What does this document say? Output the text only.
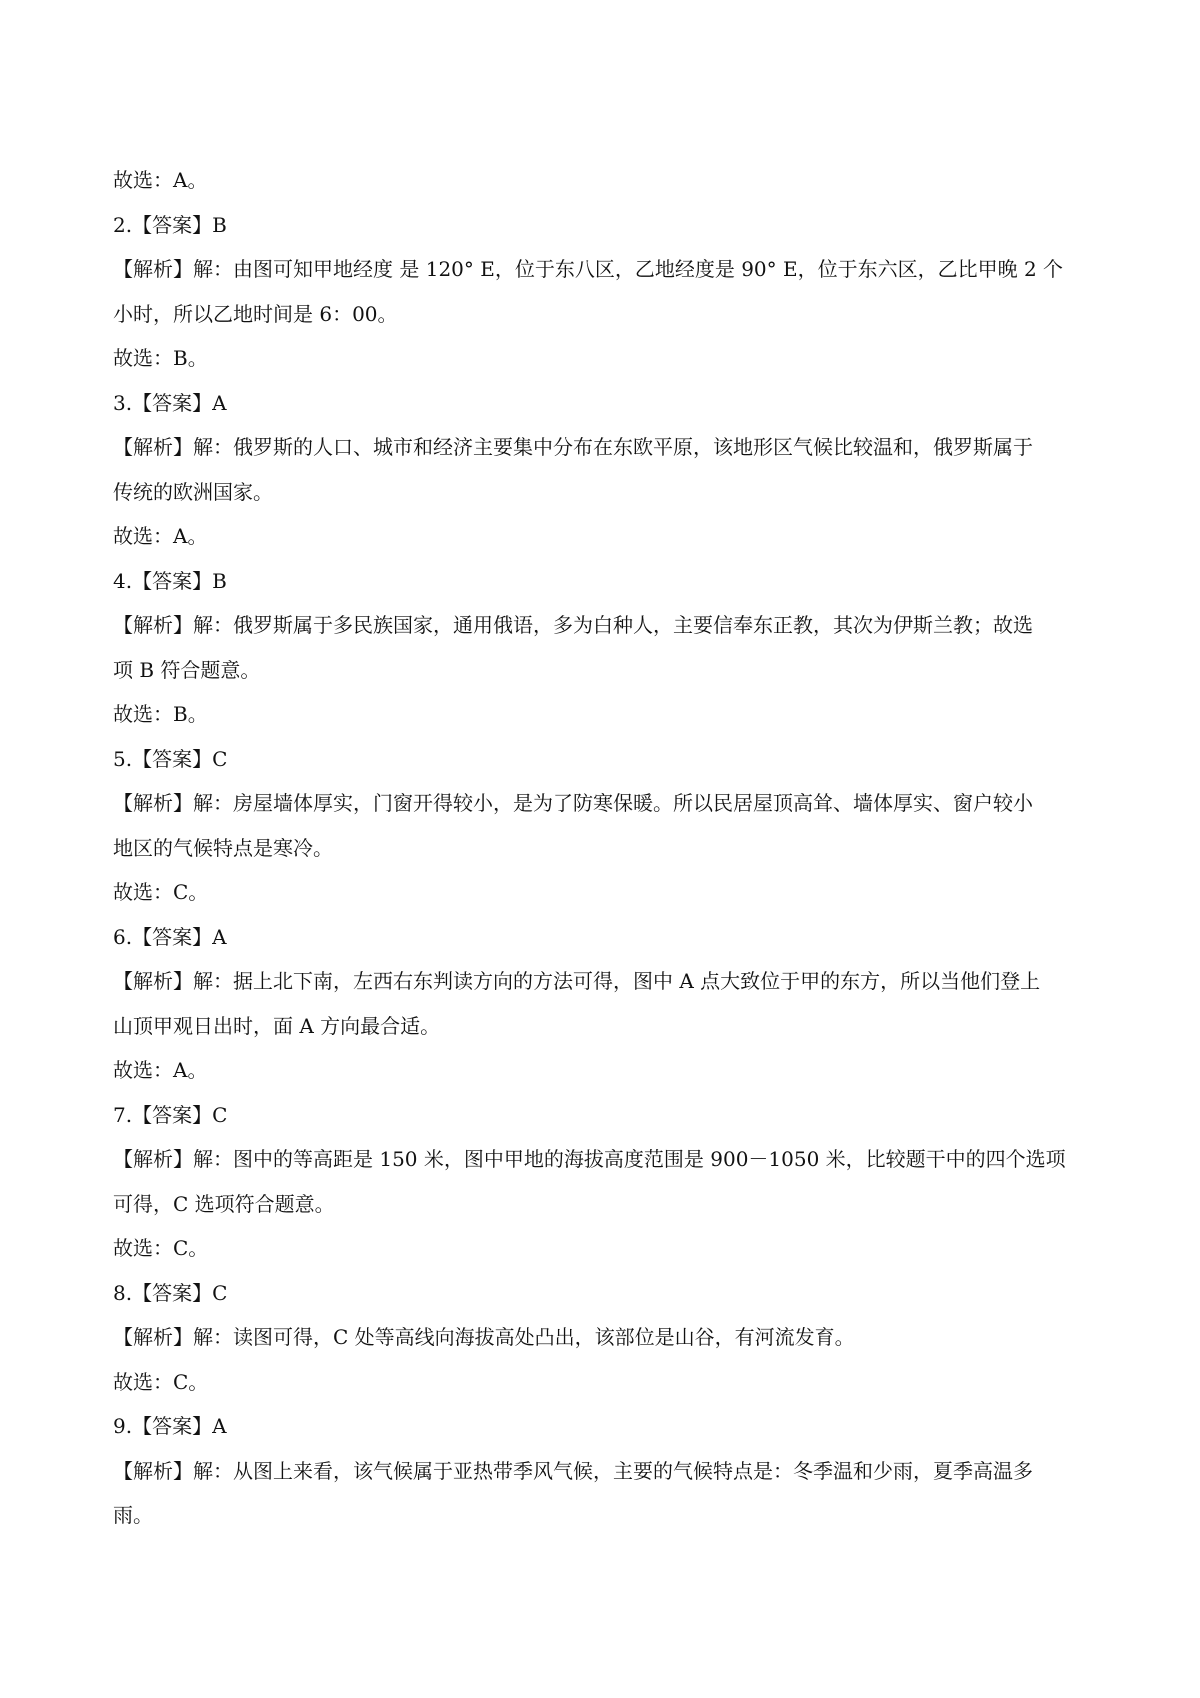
故选：A。

2.【答案】B

【解析】解：由图可知甲地经度 是 120° E，位于东八区，乙地经度是 90° E，位于东六区，乙比甲晚 2 个

小时，所以乙地时间是 6：00。

故选：B。

3.【答案】A

【解析】解：俄罗斯的人口、城市和经济主要集中分布在东欧平原，该地形区气候比较温和，俄罗斯属于

传统的欧洲国家。

故选：A。

4.【答案】B

【解析】解：俄罗斯属于多民族国家，通用俄语，多为白种人，主要信奉东正教，其次为伊斯兰教；故选

项 B 符合题意。

故选：B。

5.【答案】C

【解析】解：房屋墙体厚实，门窗开得较小，是为了防寒保暖。所以民居屋顶高耸、墙体厚实、窗户较小

地区的气候特点是寒冷。

故选：C。

6.【答案】A

【解析】解：据上北下南，左西右东判读方向的方法可得，图中 A 点大致位于甲的东方，所以当他们登上

山顶甲观日出时，面 A 方向最合适。

故选：A。

7.【答案】C

【解析】解：图中的等高距是 150 米，图中甲地的海拔高度范围是 900－1050 米，比较题干中的四个选项

可得，C 选项符合题意。

故选：C。

8.【答案】C

【解析】解：读图可得，C 处等高线向海拔高处凸出，该部位是山谷，有河流发育。

故选：C。

9.【答案】A

【解析】解：从图上来看，该气候属于亚热带季风气候，主要的气候特点是：冬季温和少雨，夏季高温多

雨。
